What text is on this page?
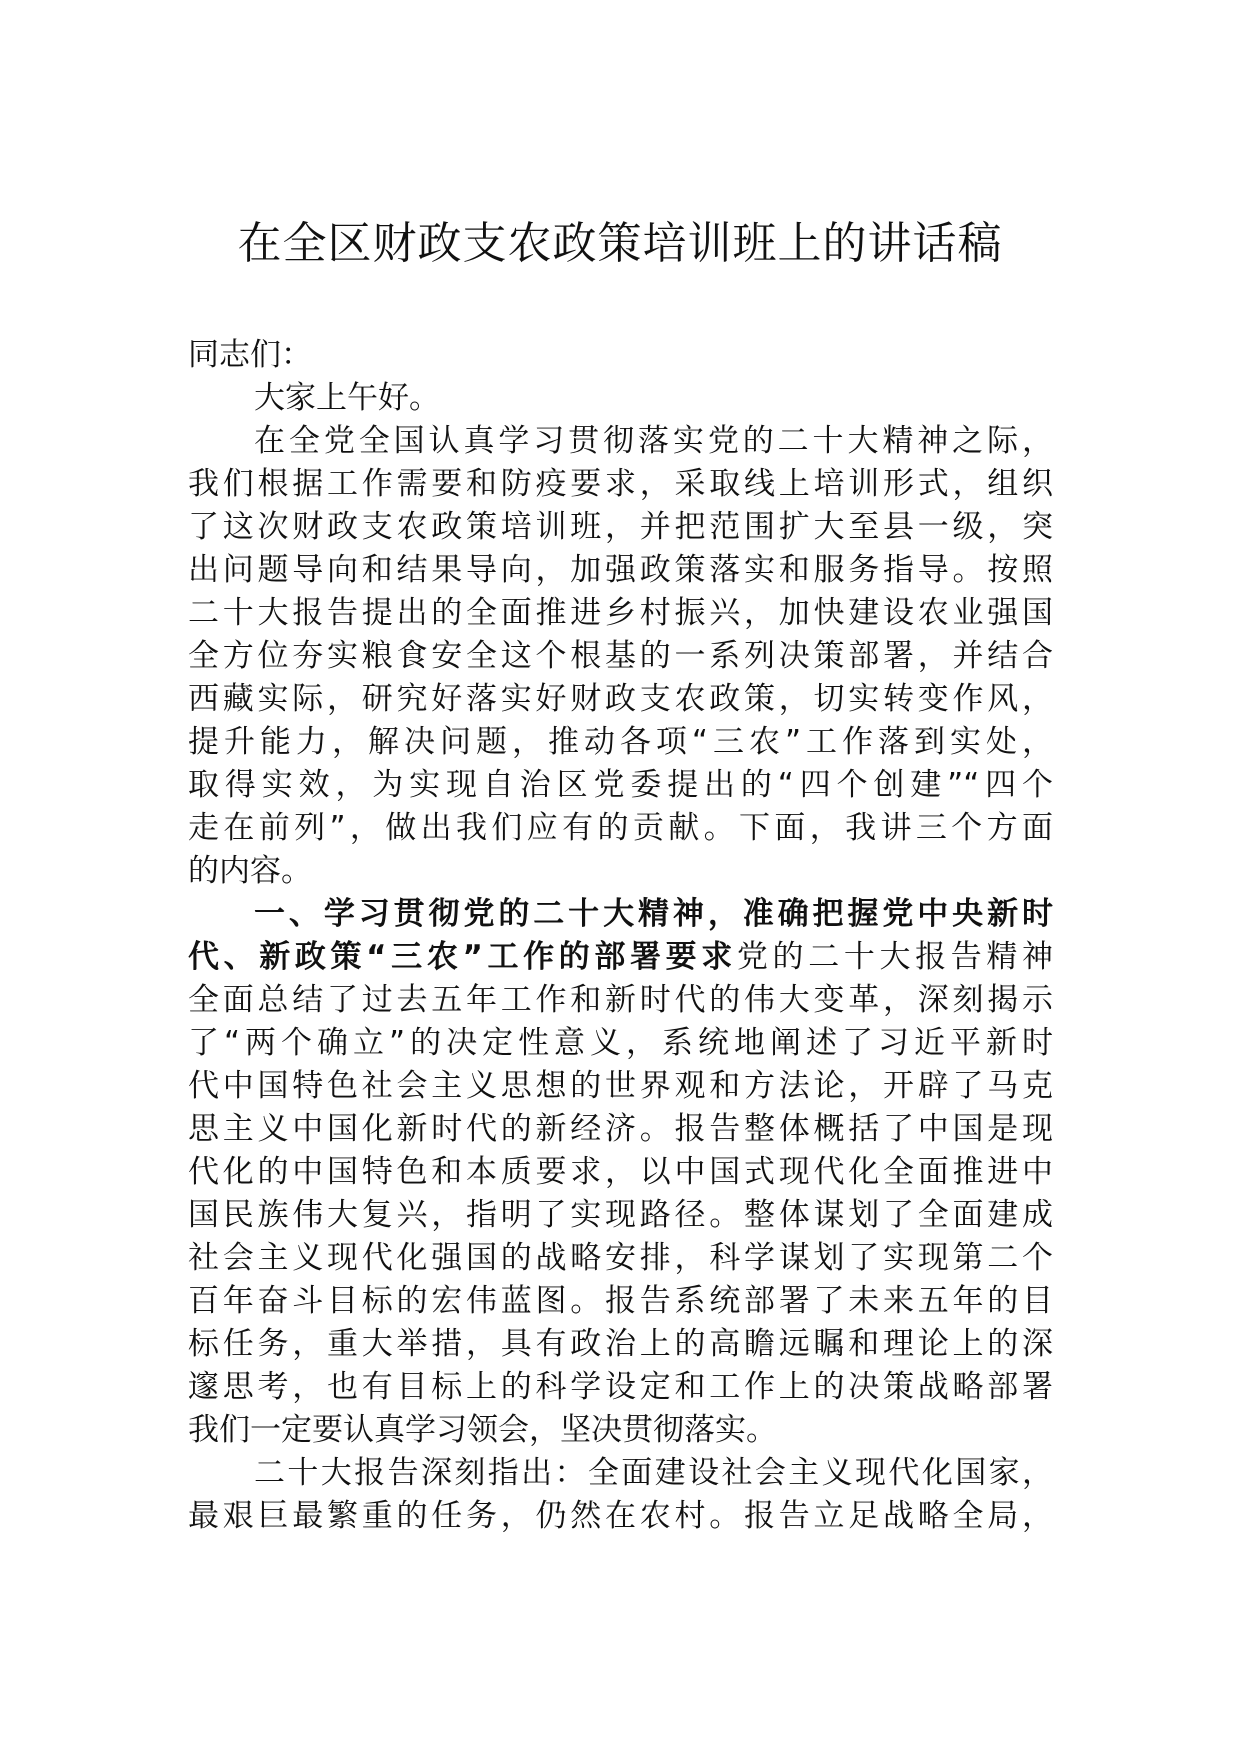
在全区财政支农政策培训班上的讲话稿
同志们：
大家上午好。
在全党全国认真学习贯彻落实党的二十大精神之际，
我们根据工作需要和防疫要求，采取线上培训形式，组织
了这次财政支农政策培训班，并把范围扩大至县一级，突
出问题导向和结果导向，加强政策落实和服务指导。按照
二十大报告提出的全面推进乡村振兴，加快建设农业强国
全方位夯实粮食安全这个根基的一系列决策部署，并结合
西藏实际，研究好落实好财政支农政策，切实转变作风，
提升能力，解决问题，推动各项“三农”工作落到实处，
取得实效，为实现自治区党委提出的“四个创建”“四个
走在前列”，做出我们应有的贡献。下面，我讲三个方面
的内容。
一、学习贯彻党的二十大精神，准确把握党中央新时
代、新政策“三农”工作的部署要求党的二十大报告精神
全面总结了过去五年工作和新时代的伟大变革，深刻揭示
了“两个确立”的决定性意义，系统地阐述了习近平新时
代中国特色社会主义思想的世界观和方法论，开辟了马克
思主义中国化新时代的新经济。报告整体概括了中国是现
代化的中国特色和本质要求，以中国式现代化全面推进中
国民族伟大复兴，指明了实现路径。整体谋划了全面建成
社会主义现代化强国的战略安排，科学谋划了实现第二个
百年奋斗目标的宏伟蓝图。报告系统部署了未来五年的目
标任务，重大举措，具有政治上的高瞻远瞩和理论上的深
邃思考，也有目标上的科学设定和工作上的决策战略部署
我们一定要认真学习领会，坚决贯彻落实。
二十大报告深刻指出：全面建设社会主义现代化国家，
最艰巨最繁重的任务，仍然在农村。报告立足战略全局，
